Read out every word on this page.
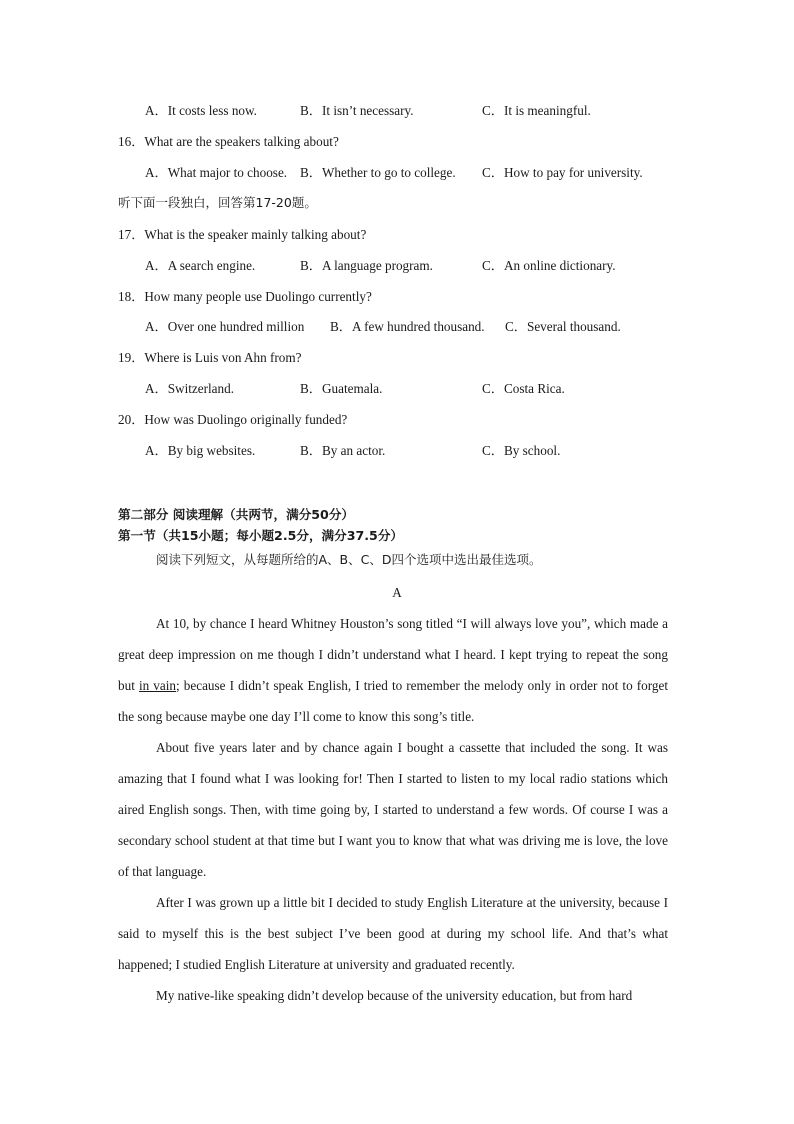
A．It costs less now.	B．It isn’t necessary.	C．It is meaningful.
16．What are the speakers talking about?
A．What major to choose. B．Whether to go to college. C．How to pay for university.
听下面一段独白，回答第17-20题。
17．What is the speaker mainly talking about?
A．A search engine.	B．A language program.	C．An online dictionary.
18．How many people use Duolingo currently?
A．Over one hundred million B．A few hundred thousand. C．Several thousand.
19．Where is Luis von Ahn from?
A．Switzerland.	B．Guatemala.	C．Costa Rica.
20．How was Duolingo originally funded?
A．By big websites.	B．By an actor.	C．By school.
第二部分 阅读理解（共两节，满分50分）
第一节（共15小题；每小题2.5分，满分37.5分）
阅读下列短文，从每题所给的A、B、C、D四个选项中选出最佳选项。
A

At 10, by chance I heard Whitney Houston’s song titled “I will always love you”, which made a great deep impression on me though I didn’t understand what I heard. I kept trying to repeat the song but in vain; because I didn’t speak English, I tried to remember the melody only in order not to forget the song because maybe one day I’ll come to know this song’s title.

About five years later and by chance again I bought a cassette that included the song. It was amazing that I found what I was looking for! Then I started to listen to my local radio stations which aired English songs. Then, with time going by, I started to understand a few words. Of course I was a secondary school student at that time but I want you to know that what was driving me is love, the love of that language.

After I was grown up a little bit I decided to study English Literature at the university, because I said to myself this is the best subject I’ve been good at during my school life. And that’s what happened; I studied English Literature at university and graduated recently.

My native-like speaking didn’t develop because of the university education, but from hard
